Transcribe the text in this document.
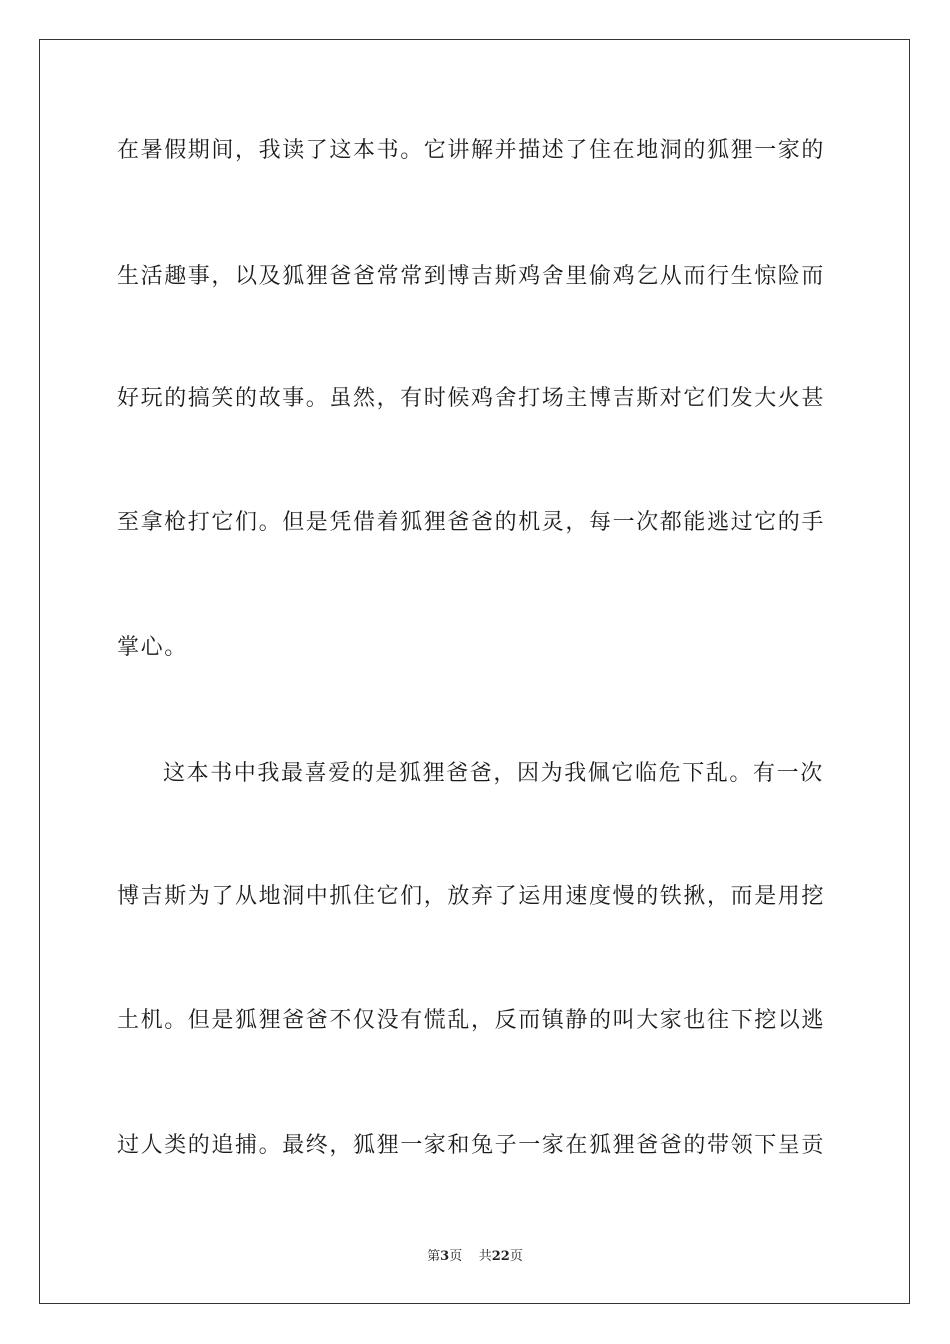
在暑假期间，我读了这本书。它讲解并描述了住在地洞的狐狸一家的
生活趣事，以及狐狸爸爸常常到博吉斯鸡舍里偷鸡乞从而行生惊险而
好玩的搞笑的故事。虽然，有时候鸡舍打场主博吉斯对它们发大火甚
至拿枪打它们。但是凭借着狐狸爸爸的机灵，每一次都能逃过它的手
掌心。
这本书中我最喜爱的是狐狸爸爸，因为我佩它临危下乱。有一次
博吉斯为了从地洞中抓住它们，放弃了运用速度慢的铁揪，而是用挖
土机。但是狐狸爸爸不仅没有慌乱，反而镇静的叫大家也往下挖以逃
过人类的追捕。最终，狐狸一家和兔子一家在狐狸爸爸的带领下呈贡
第3页 共22页
